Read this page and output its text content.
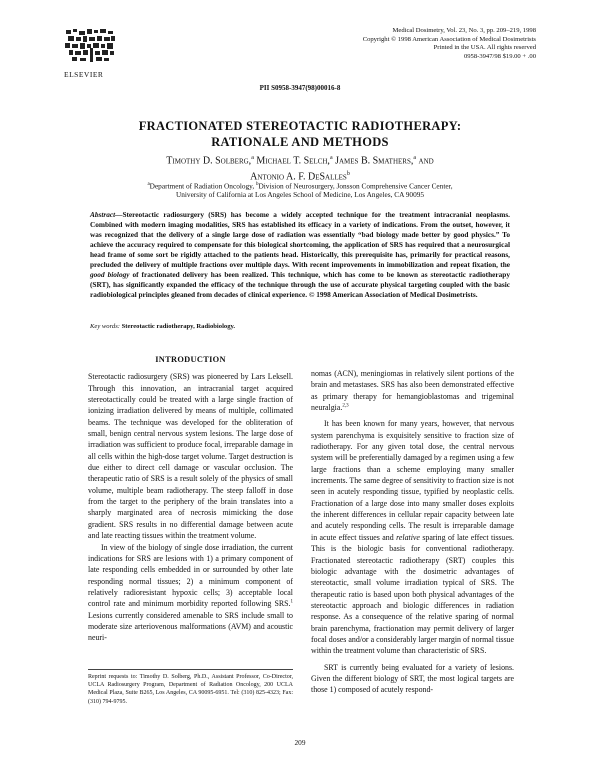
ELSEVIER
Medical Dosimetry, Vol. 23, No. 3, pp. 209–219, 1998
Copyright © 1998 American Association of Medical Dosimetrists
Printed in the USA. All rights reserved
0958-3947/98 $19.00 + .00
PII S0958-3947(98)00016-8
FRACTIONATED STEREOTACTIC RADIOTHERAPY:
RATIONALE AND METHODS
Timothy D. Solberg,$^a$ Michael T. Selch,$^a$ James B. Smathers,$^a$ and
Antonio A. F. DeSalles$^b$
$^a$Department of Radiation Oncology, $^b$Division of Neurosurgery, Jonsson Comprehensive Cancer Center,
University of California at Los Angeles School of Medicine, Los Angeles, CA 90095
Abstract—Stereotactic radiosurgery (SRS) has become a widely accepted technique for the treatment intracranial neoplasms. Combined with modern imaging modalities, SRS has established its efficacy in a variety of indications. From the outset, however, it was recognized that the delivery of a single large dose of radiation was essentially “bad biology made better by good physics.” To achieve the accuracy required to compensate for this biological shortcoming, the application of SRS has required that a neurosurgical head frame of some sort be rigidly attached to the patients head. Historically, this prerequisite has, primarily for practical reasons, precluded the delivery of multiple fractions over multiple days. With recent improvements in immobilization and repeat fixation, the good biology of fractionated delivery has been realized. This technique, which has come to be known as stereotactic radiotherapy (SRT), has significantly expanded the efficacy of the technique through the use of accurate physical targeting coupled with the basic radiobiological principles gleaned from decades of clinical experience. © 1998 American Association of Medical Dosimetrists.
Key words: Stereotactic radiotherapy, Radiobiology.
INTRODUCTION

Stereotactic radiosurgery (SRS) was pioneered by Lars Leksell. Through this innovation, an intracranial target acquired stereotactically could be treated with a large single fraction of ionizing irradiation delivered by means of multiple, collimated beams. The technique was developed for the obliteration of small, benign central nervous system lesions. The large dose of irradiation was sufficient to produce focal, irreparable damage in all cells within the high-dose target volume. Target destruction is due either to direct cell damage or vascular occlusion. The therapeutic ratio of SRS is a result solely of the physics of small volume, multiple beam radiotherapy. The steep falloff in dose from the target to the periphery of the brain translates into a sharply marginated area of necrosis mimicking the dose gradient. SRS results in no differential damage between acute and late reacting tissues within the treatment volume.

In view of the biology of single dose irradiation, the current indications for SRS are lesions with 1) a primary component of late responding cells embedded in or surrounded by other late responding normal tissues; 2) a minimum component of relatively radioresistant hypoxic cells; 3) acceptable local control rate and minimum morbidity reported following SRS.$^1$ Lesions currently considered amenable to SRS include small to moderate size arteriovenous malformations (AVM) and acoustic neuri-

nomas (ACN), meningiomas in relatively silent portions of the brain and metastases. SRS has also been demonstrated effective as primary therapy for hemangioblastomas and trigeminal neuralgia.$^{2,3}$

It has been known for many years, however, that nervous system parenchyma is exquisitely sensitive to fraction size of radiotherapy. For any given total dose, the central nervous system will be preferentially damaged by a regimen using a few large fractions than a scheme employing many smaller increments. The same degree of sensitivity to fraction size is not seen in acutely responding tissue, typified by neoplastic cells. Fractionation of a large dose into many smaller doses exploits the inherent differences in cellular repair capacity between late and acutely responding cells. The result is irreparable damage in acute effect tissues and relative sparing of late effect tissues. This is the biologic basis for conventional radiotherapy. Fractionated stereotactic radiotherapy (SRT) couples this biologic advantage with the dosimetric advantages of stereotactic, small volume irradiation typical of SRS. The therapeutic ratio is based upon both physical advantages of the stereotactic approach and biologic differences in radiation response. As a consequence of the relative sparing of normal brain parenchyma, fractionation may permit delivery of larger focal doses and/or a considerably larger margin of normal tissue within the treatment volume than characteristic of SRS.

SRT is currently being evaluated for a variety of lesions. Given the different biology of SRT, the most logical targets are those 1) composed of acutely respond-

Reprint requests to: Timothy D. Solberg, Ph.D., Assistant Professor, Co-Director, UCLA Radiosurgery Program, Department of Radiation Oncology, 200 UCLA Medical Plaza, Suite B265, Los Angeles, CA 90095-6951. Tel: (310) 825-4323; Fax: (310) 794-9795.
209
